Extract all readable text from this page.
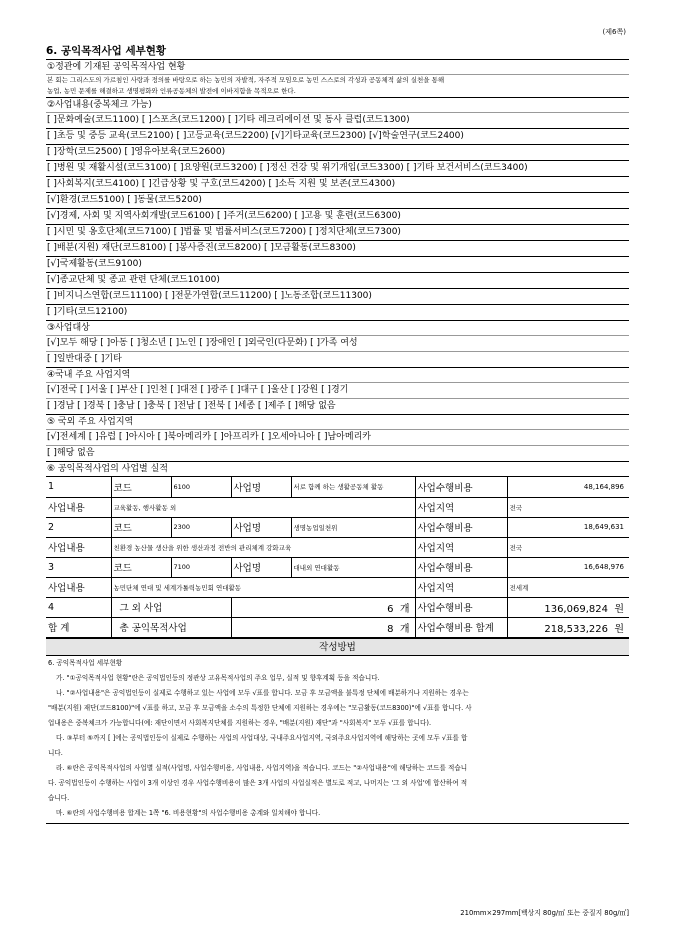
(제6쪽)
6. 공익목적사업 세부현황
①정관에 기재된 공익목적사업 현황
본 회는 그리스도의 가르침인 사랑과 정의를 바탕으로 하는 농민의 자발적, 자주적 모임으로 농민 스스로의 각성과 공동체적 삶의 실천을 통해
농업, 농민 문제를 해결하고 생명평화와 인류공동체의 발전에 이바지함을 목적으로 한다.
②사업내용(중복체크 가능)
[ ]문화예술(코드1100) [ ]스포츠(코드1200) [ ]기타 레크리에이션 및 동사 클럽(코드1300)
[ ]초등 및 중등 교육(코드2100) [ ]고등교육(코드2200) [√]기타교육(코드2300) [√]학술연구(코드2400)
[ ]장학(코드2500) [ ]영유아보육(코드2600)
[ ]병원 및 재활시설(코드3100) [ ]요양원(코드3200) [ ]정신 건강 및 위기개입(코드3300) [ ]기타 보건서비스(코드3400)
[ ]사회복지(코드4100) [ ]긴급상황 및 구호(코드4200) [ ]소득 지원 및 보존(코드4300)
[√]환경(코드5100) [ ]동물(코드5200)
[√]경제, 사회 및 지역사회개발(코드6100) [ ]주거(코드6200) [ ]고용 및 훈련(코드6300)
[ ]시민 및 옹호단체(코드7100) [ ]법률 및 법률서비스(코드7200) [ ]정치단체(코드7300)
[ ]배분(지원) 재단(코드8100) [ ]봉사증진(코드8200) [ ]모금활동(코드8300)
[√]국제활동(코드9100)
[√]종교단체 및 종교 관련 단체(코드10100)
[ ]비지니스연합(코드11100) [ ]전문가연합(코드11200) [ ]노동조합(코드11300)
[ ]기타(코드12100)
③사업대상
[√]모두 해당 [ ]아동 [ ]청소년 [ ]노인 [ ]장애인 [ ]외국인(다문화) [ ]가족 여성
[ ]일반대중 [ ]기타
④국내 주요 사업지역
[√]전국 [ ]서울 [ ]부산 [ ]인천 [ ]대전 [ ]광주 [ ]대구 [ ]울산 [ ]강원 [ ]경기
[ ]경남 [ ]경북 [ ]충남 [ ]충북 [ ]전남 [ ]전북 [ ]세종 [ ]제주 [ ]해당 없음
⑤ 국외 주요 사업지역
[√]전세계 [ ]유럽 [ ]아시아 [ ]북아메리카 [ ]아프리카 [ ]오세아니아 [ ]남아메리카
[ ]해당 없음
⑥ 공익목적사업의 사업별 실적
1	코드	6100	사업명	서로 함께 하는 생활공동체 활동	사업수행비용	48,164,896
사업내용	교육활동, 행사활동 외				사업지역	전국
2	코드	2300	사업명	생명농업일천위	사업수행비용	18,649,631
사업내용	친환경 농산물 생산을 위한 생산과정 전반의 관리체계 강화교육				사업지역	전국
3	코드	7100	사업명	대내외 연대활동	사업수행비용	16,648,976
사업내용	농민단체 연대 및 세계가톨릭농민회 연대활동				사업지역	전세계
4	그 외 사업		6 개		사업수행비용	136,069,824 원
합 계	총 공익목적사업		8 개		사업수행비용 합계	218,533,226 원
작성방법

6. 공익목적사업 세부현황

가. "①공익목적사업 현황"란은 공익법인등의 정관상 고유목적사업의 주요 업무, 실적 및 향후계획 등을 적습니다.

나. "②사업내용"은 공익법인등이 실제로 수행하고 있는 사업에 모두 √표를 합니다. 모금 후 모금액을 불특정 단체에 배분하거나 지원하는 경우는

"배분(지원) 재단(코드8100)"에 √표를 하고, 모금 후 모금액을 소수의 특정한 단체에 지원하는 경우에는 "모금활동(코드8300)"에 √표를 합니다. 사

업내용은 중복체크가 가능합니다(예: 재단이면서 사회복지단체를 지원하는 경우, "배분(지원) 재단"과 "사회복지" 모두 √표를 합니다).

다. ③부터 ⑤까지 [ ]에는 공익법인등이 실제로 수행하는 사업의 사업대상, 국내주요사업지역, 국외주요사업지역에 해당하는 곳에 모두 √표를 합

니다.

라. ⑥란은 공익목적사업의 사업별 실적(사업명, 사업수행비용, 사업내용, 사업지역)을 적습니다. 코드는 "②사업내용"에 해당하는 코드를 적습니

다. 공익법인등이 수행하는 사업이 3개 이상인 경우 사업수행비용이 많은 3개 사업의 사업실적은 별도로 적고, 나머지는 '그 외 사업'에 합산하여 적

습니다.

마. ⑥란의 사업수행비용 합계는 1쪽 "6. 비용현황"의 사업수행비용 총계와 일치해야 합니다.

210mm×297mm[백상지 80g/㎡ 또는 중질지 80g/㎡]
